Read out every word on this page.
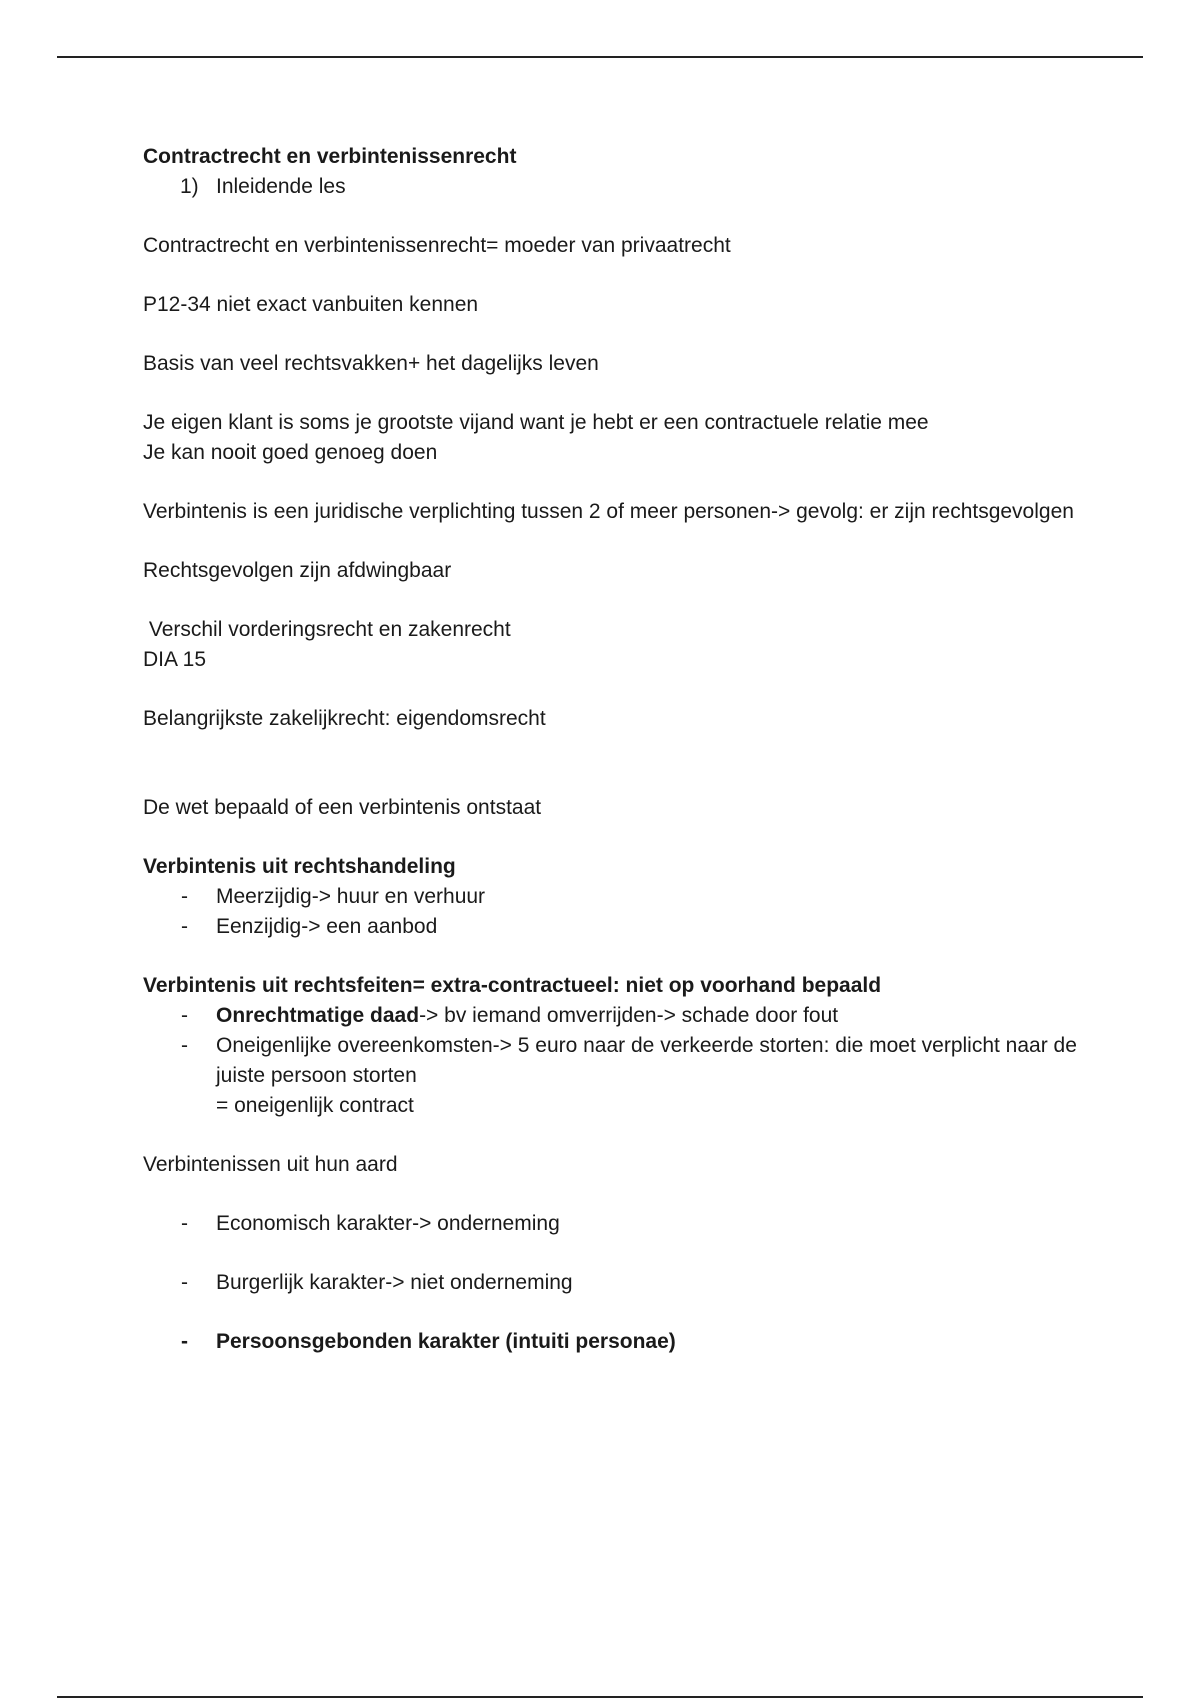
Contractrecht en verbintenissenrecht

1) Inleidende les

Contractrecht en verbintenissenrecht= moeder van privaatrecht

P12-34 niet exact vanbuiten kennen

Basis van veel rechtsvakken+ het dagelijks leven

Je eigen klant is soms je grootste vijand want je hebt er een contractuele relatie mee

Je kan nooit goed genoeg doen

Verbintenis is een juridische verplichting tussen 2 of meer personen-> gevolg: er zijn rechtsgevolgen

Rechtsgevolgen zijn afdwingbaar

Verschil vorderingsrecht en zakenrecht

DIA 15

Belangrijkste zakelijkrecht: eigendomsrecht

De wet bepaald of een verbintenis ontstaat

Verbintenis uit rechtshandeling

-	Meerzijdig-> huur en verhuur
-	Eenzijdig-> een aanbod

Verbintenis uit rechtsfeiten= extra-contractueel: niet op voorhand bepaald

-	Onrechtmatige daad-> bv iemand omverrijden-> schade door fout
-	Oneigenlijke overeenkomsten-> 5 euro naar de verkeerde storten: die moet verplicht naar de juiste persoon storten

= oneigenlijk contract

Verbintenissen uit hun aard

-	Economisch karakter-> onderneming
-	Burgerlijk karakter-> niet onderneming
-	Persoonsgebonden karakter (intuiti personae)
